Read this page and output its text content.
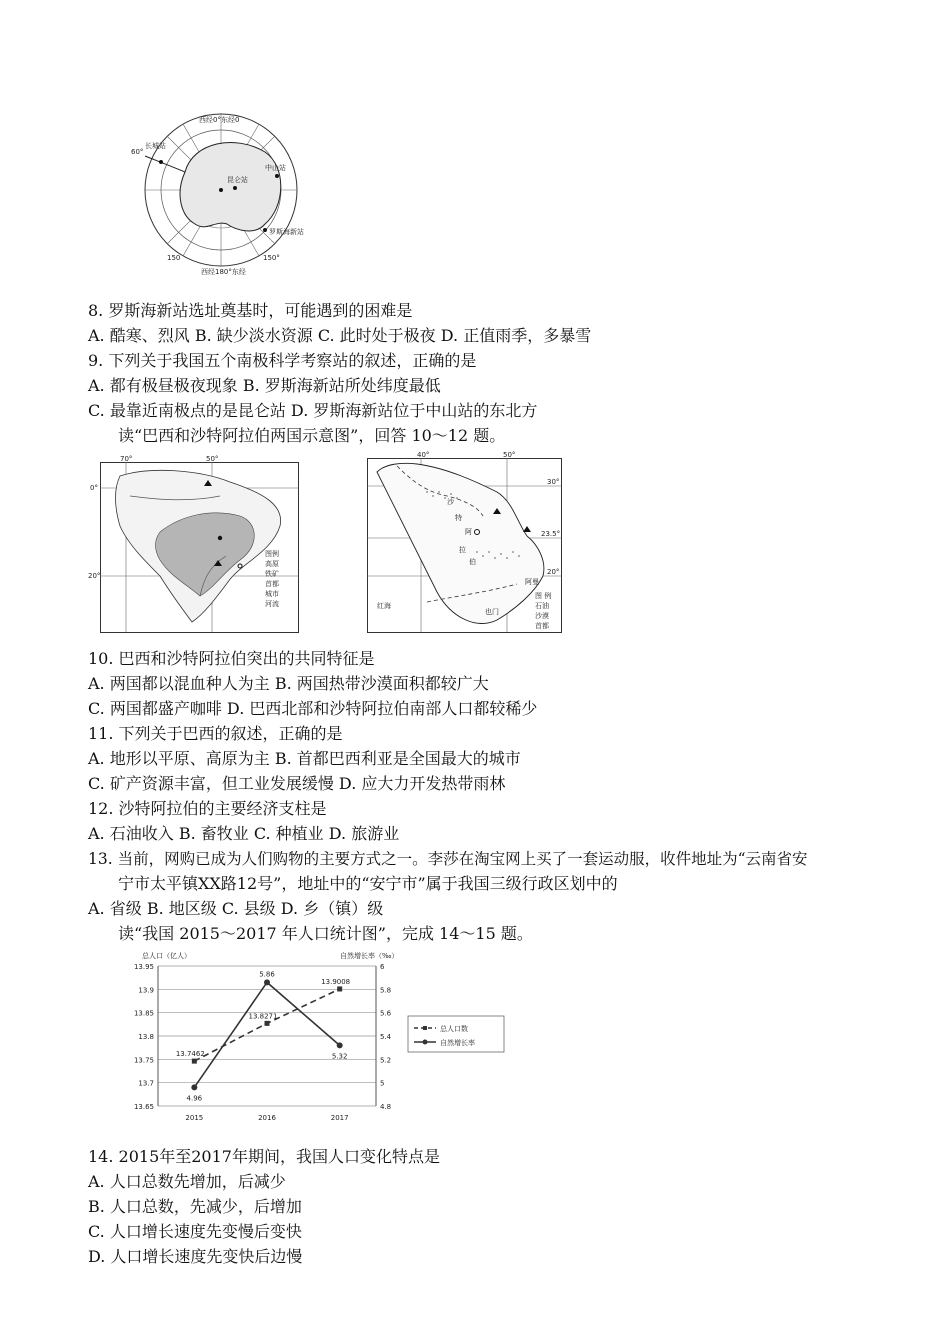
西经0°东经0
西经180°东经
长城站
中山站
昆仑站
罗斯海新站
60°
150	150°
8. 罗斯海新站选址奠基时，可能遇到的困难是
A. 酷寒、烈风 B. 缺少淡水资源 C. 此时处于极夜 D. 正值雨季，多暴雪
9. 下列关于我国五个南极科学考察站的叙述，正确的是
A. 都有极昼极夜现象 B. 罗斯海新站所处纬度最低
C. 最靠近南极点的是昆仑站 D. 罗斯海新站位于中山站的东北方
读“巴西和沙特阿拉伯两国示意图”，回答 10～12 题。
70°	50°
0°
20°
图例
高原
铁矿
首都
城市
河流
40°	50°
30°
23.5°
20°
沙
特
阿
拉
伯
阿曼
也门
红海
图 例
石油
沙漠
首都
10. 巴西和沙特阿拉伯突出的共同特征是
A. 两国都以混血种人为主 B. 两国热带沙漠面积都较广大
C. 两国都盛产咖啡 D. 巴西北部和沙特阿拉伯南部人口都较稀少
11. 下列关于巴西的叙述，正确的是
A. 地形以平原、高原为主 B. 首都巴西利亚是全国最大的城市
C. 矿产资源丰富，但工业发展缓慢 D. 应大力开发热带雨林
12. 沙特阿拉伯的主要经济支柱是
A. 石油收入 B. 畜牧业 C. 种植业 D. 旅游业
13. 当前，网购已成为人们购物的主要方式之一。李莎在淘宝网上买了一套运动服，收件地址为“云南省安
宁市太平镇XX路12号”，地址中的“安宁市”属于我国三级行政区划中的
A. 省级 B. 地区级 C. 县级 D. 乡（镇）级
读“我国 2015～2017 年人口统计图”，完成 14～15 题。
总人口（亿人）	自然增长率（‰）
13.95	6
13.9	5.8
13.85	5.6
13.8	5.4
13.75	5.2
13.7	5
13.65	4.8
2015	2016	2017
13.7462
13.8271
13.9008
4.96
5.86
5.32
总人口数
自然增长率
14. 2015年至2017年期间，我国人口变化特点是
A. 人口总数先增加，后减少
B. 人口总数，先减少，后增加
C. 人口增长速度先变慢后变快
D. 人口增长速度先变快后边慢
